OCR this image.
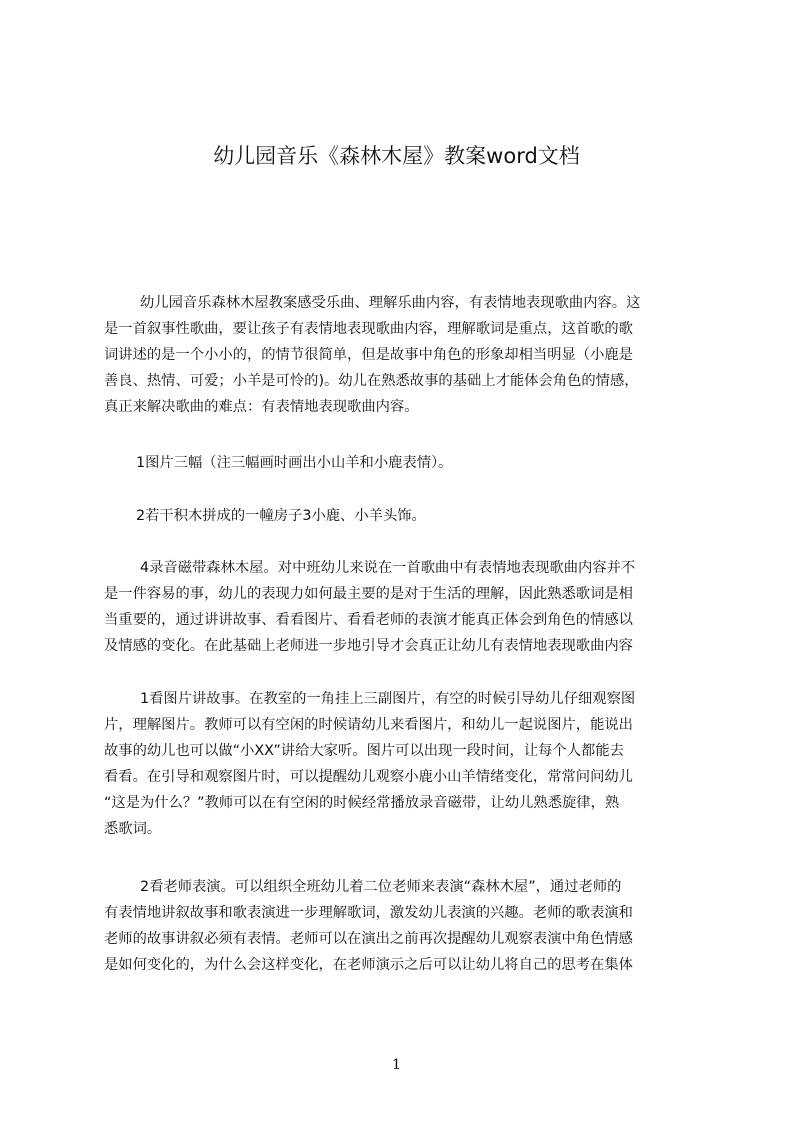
幼儿园音乐《森林木屋》教案word文档
幼儿园音乐森林木屋教案感受乐曲、理解乐曲内容，有表情地表现歌曲内容。这
是一首叙事性歌曲，要让孩子有表情地表现歌曲内容，理解歌词是重点，这首歌的歌
词讲述的是一个小小的，的情节很简单，但是故事中角色的形象却相当明显（小鹿是
善良、热情、可爱；小羊是可怜的)。幼儿在熟悉故事的基础上才能体会角色的情感，
真正来解决歌曲的难点：有表情地表现歌曲内容。
1图片三幅（注三幅画时画出小山羊和小鹿表情）。
2若干积木拼成的一幢房子3小鹿、小羊头饰。
4录音磁带森林木屋。对中班幼儿来说在一首歌曲中有表情地表现歌曲内容并不
是一件容易的事，幼儿的表现力如何最主要的是对于生活的理解，因此熟悉歌词是相
当重要的，通过讲讲故事、看看图片、看看老师的表演才能真正体会到角色的情感以
及情感的变化。在此基础上老师进一步地引导才会真正让幼儿有表情地表现歌曲内容
1看图片讲故事。在教室的一角挂上三副图片，有空的时候引导幼儿仔细观察图
片，理解图片。教师可以有空闲的时候请幼儿来看图片，和幼儿一起说图片，能说出
故事的幼儿也可以做“小XX”讲给大家听。图片可以出现一段时间，让每个人都能去
看看。在引导和观察图片时，可以提醒幼儿观察小鹿小山羊情绪变化，常常问问幼儿
“这是为什么？”教师可以在有空闲的时候经常播放录音磁带，让幼儿熟悉旋律，熟
悉歌词。
2看老师表演。可以组织全班幼儿着二位老师来表演“森林木屋”，通过老师的
有表情地讲叙故事和歌表演进一步理解歌词，激发幼儿表演的兴趣。老师的歌表演和
老师的故事讲叙必须有表情。老师可以在演出之前再次提醒幼儿观察表演中角色情感
是如何变化的，为什么会这样变化，在老师演示之后可以让幼儿将自己的思考在集体
1
